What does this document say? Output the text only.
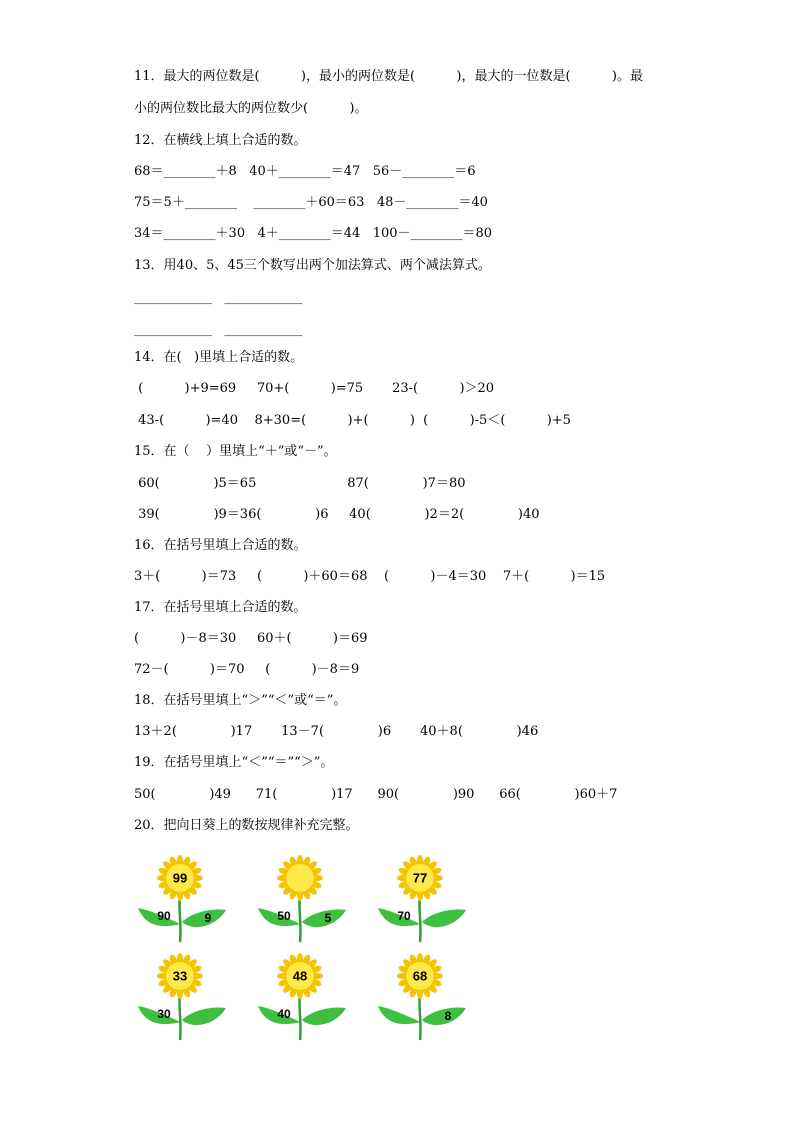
11．最大的两位数是(          )，最小的两位数是(          )，最大的一位数是(          )。最
小的两位数比最大的两位数少(          )。
12．在横线上填上合适的数。
68＝________＋8   40＋________＝47   56－________＝6
75＝5＋________    ________＋60＝63   48－________＝40
34＝________＋30   4＋________＝44   100－________＝80
13．用40、5、45三个数写出两个加法算式、两个减法算式。
____________   ____________
____________   ____________
14．在(   )里填上合适的数。
(          )+9=69     70+(          )=75       23-(          )＞20
43-(          )=40    8+30=(          )+(          )  (          )-5＜(          )+5
15．在（    ）里填上“＋”或“－”。
60(             )5＝65                      87(             )7＝80
39(             )9＝36(             )6     40(             )2＝2(             )40
16．在括号里填上合适的数。
3＋(          )＝73     (          )＋60＝68    (          )－4＝30    7＋(          )＝15
17．在括号里填上合适的数。
(          )－8＝30     60＋(          )＝69
72－(          )＝70     (          )－8＝9
18．在括号里填上“＞”“＜”或“＝”。
13＋2(             )17       13－7(             )6       40＋8(             )46
19．在括号里填上“＜”“＝”“＞”。
50(             )49      71(             )17      90(             )90      66(             )60＋7
20．把向日葵上的数按规律补充完整。
99
90	9	50	5
77
70
33
30
48
40
68
8
